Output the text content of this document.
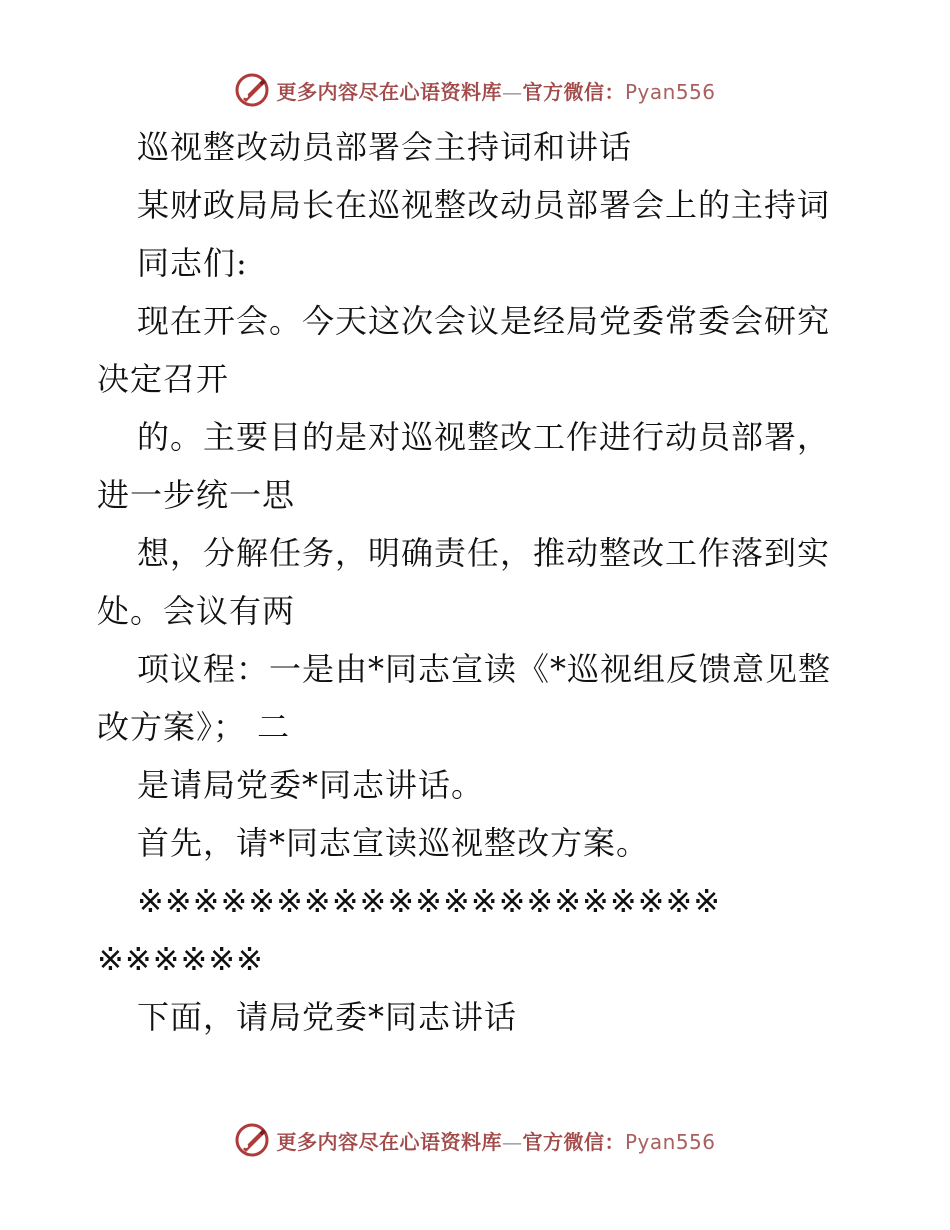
更多内容尽在心语资料库—官方微信：Pyan556
巡视整改动员部署会主持词和讲话
某财政局局长在巡视整改动员部署会上的主持词
同志们:
现在开会。今天这次会议是经局党委常委会研究
决定召开
的。主要目的是对巡视整改工作进行动员部署，
进一步统一思
想，分解任务，明确责任，推动整改工作落到实
处。会议有两
项议程：一是由*同志宣读《*巡视组反馈意见整
改方案》； 二
是请局党委*同志讲话。
首先，请*同志宣读巡视整改方案。
※※※※※※※※※※※※※※※※※※※※※
※※※※※※
下面，请局党委*同志讲话
更多内容尽在心语资料库—官方微信：Pyan556
